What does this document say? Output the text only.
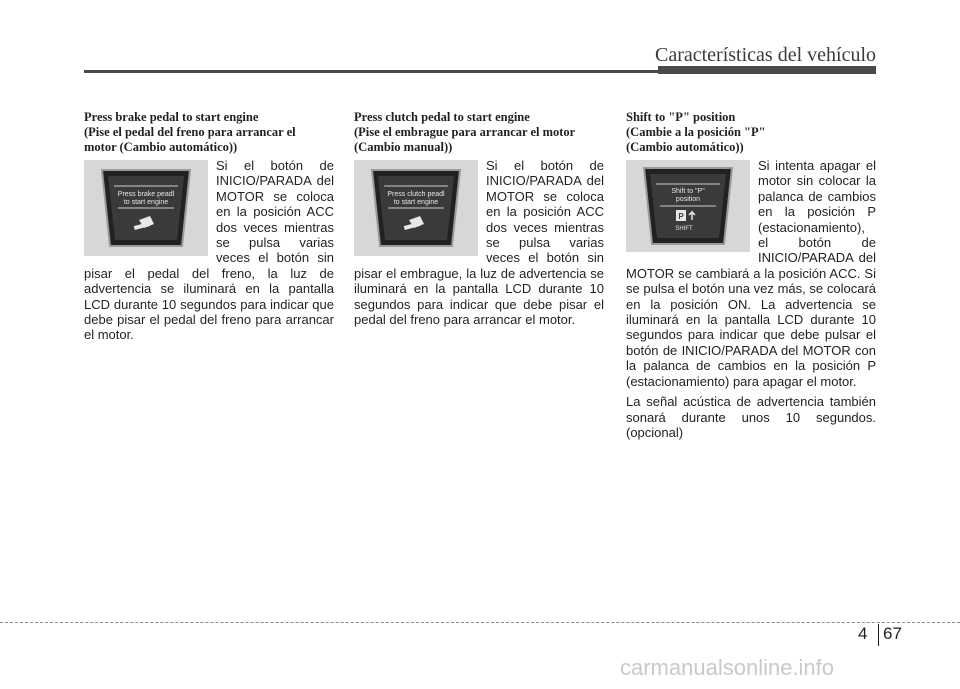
Características del vehículo

Press brake pedal to start engine
(Pise el pedal del freno para arrancar el
motor (Cambio automático))

Press brake peadl
to start engine

Si el botón de INICIO/PARADA del MOTOR se coloca en la posición ACC dos veces mientras se pulsa varias veces el botón sin pisar el pedal del freno, la luz de advertencia se iluminará en la pantalla LCD durante 10 segundos para indicar que debe pisar el pedal del freno para arrancar el motor.

Press clutch pedal to start engine
(Pise el embrague para arrancar el motor
(Cambio manual))

Press clutch peadl
to start engine

Si el botón de INICIO/PARADA del MOTOR se coloca en la posición ACC dos veces mientras se pulsa varias veces el botón sin pisar el embrague, la luz de advertencia se iluminará en la pantalla LCD durante 10 segundos para indicar que debe pisar el pedal del freno para arrancar el motor.

Shift to "P" position
(Cambie a la posición "P"
(Cambio automático))

Shift to "P"
position
P
SHIFT

Si intenta apagar el motor sin colocar la palanca de cambios en la posición P (estacionamiento), el botón de INICIO/PARADA del MOTOR se cambiará a la posición ACC. Si se pulsa el botón una vez más, se colocará en la posición ON. La advertencia se iluminará en la pantalla LCD durante 10 segundos para indicar que debe pulsar el botón de INICIO/PARADA del MOTOR con la palanca de cambios en la posición P (estacionamiento) para apagar el motor.

La señal acústica de advertencia también sonará durante unos 10 segundos. (opcional)

4 67
carmanualsonline.info
